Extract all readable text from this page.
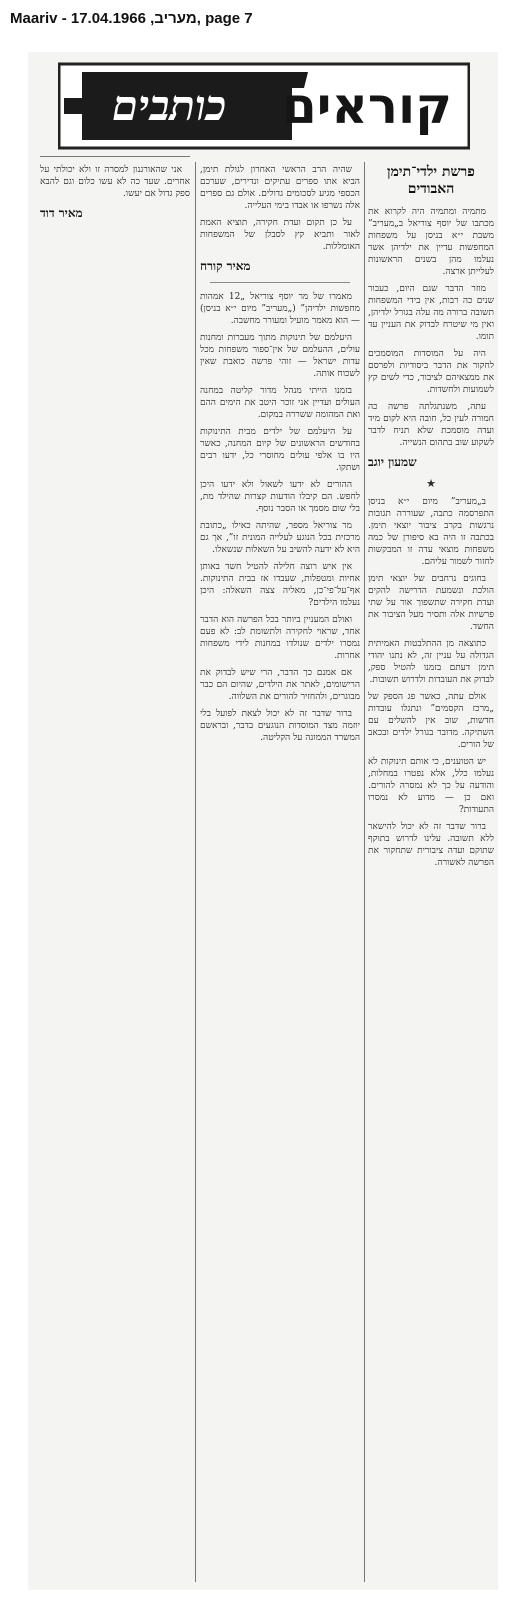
Maariv - מעריב, 17.04.1966, page 7
קוראים
כותבים
פרשת ילדי־תימן האבודים

מתמיה ומתמיה היה לקרוא את מכתבו של יוסף צוריאל ב„מעריב” משבת י״א בניסן על משפחות המחפשות עדיין את ילדיהן אשר נעלמו מהן בשנים הראשונות לעלייתן ארצה.

מוזר הדבר שגם היום, כעבור שנים כה רבות, אין בידי המשפחות תשובה ברורה מה עלה בגורל ילדיהן, ואין מי שיטרח לבדוק את העניין עד תומו.

היה על המוסדות המוסמכים לחקור את הדבר ביסודיות ולפרסם את ממצאיהם לציבור, כדי לשים קץ לשמועות ולחשדות.

עתה, משנתגלתה פרשה כה חמורה לעין כל, חובה היא לקום מיד ועדה מוסמכת שלא תניח לדבר לשקוע שוב בתהום הנשייה.

שמעון יוגב
★

ב„מעריב” מיום י״א בניסן התפרסמה כתבה, שעוררה תגובות נרגשות בקרב ציבור יוצאי תימן. בכתבה זו היה בא סיפורן של כמה משפחות מוצאי עדה זו המבקשות לחזור לשמור עליהם.

בחוגים נרחבים של יוצאי תימן הולכת ונשמעת הדרישה להקים ועדת חקירה שתשפוך אור על שתי פרשיות אלה ותסיר מעל הציבור את החשד.

כתוצאה מן ההתלבטות האמיתית הגדולה על עניין זה, לא נתנו יהודי תימן דעתם בזמנו להטיל ספק, לבדוק את העובדות ולדרוש תשובות.

אולם עתה, כאשר פג הספק של „מרכז הקסמים” ונתגלו עובדות חדשות, שוב אין להשלים עם השתיקה. מדובר בגורל ילדים ובכאב של הורים.

יש הטוענים, כי אותם תינוקות לא נעלמו כלל, אלא נפטרו במחלות, והודעה על כך לא נמסרה להורים. ואם כן — מדוע לא נמסרו התעודות?

ברור שדבר זה לא יכול להישאר ללא תשובה. עלינו לדרוש בתוקף שתוקם ועדה ציבורית שתחקור את הפרשה לאשורה.

שהיה הרב הראשי האחרון לגולת תימן, הביא אתו ספרים עתיקים ונדירים, שערכם הכספי מגיע לסכומים גדולים. אולם גם ספרים אלה נשרפו או אבדו בימי העלייה.

על כן תקום ועדת חקירה, תוציא האמת לאור ותביא קץ לסבלן של המשפחות האומללות.

מאיר קורח

מאמרו של מר יוסף צוריאל „12 אמהות מחפשות ילדיהן” („מעריב” מיום י״א בניסן) — הוא מאמר מועיל ומעורר מחשבה.

היעלמם של תינוקות מתוך מעברות ומחנות עולים, ההעלמם של אין־ספור משפחות מכל עדות ישראל — זוהי פרשה כואבת שאין לשכוח אותה.

בזמנו הייתי מנהל מדור קליטה במחנה העולים ועדיין אני זוכר היטב את הימים ההם ואת המהומה ששררה במקום.

על היעלמם של ילדים מבית התינוקות בחודשים הראשונים של קיום המחנה, כאשר היו בו אלפי עולים מחוסרי כל, ידעו רבים ושתקו.

ההורים לא ידעו לשאול ולא ידעו היכן לחפש. הם קיבלו הודעות קצרות שהילד מת, בלי שום מסמך או הסבר נוסף.

מר צוריאל מספר, שהיתה כאילו „כתובת מרכזית בכל הנוגע לעלייה המונית זו”, אך גם היא לא ידעה להשיב על השאלות שנשאלו.

אין איש רוצה חלילה להטיל חשד באותן אחיות ומטפלות, שעבדו אז בבית התינוקות. אף־על־פי־כן, מאליה צצה השאלה: היכן נעלמו הילדים?

ואולם המעניין ביותר בכל הפרשה הוא הדבר אחד, שראוי לחקירה ולתשומת לב: לא פעם נמסרו ילדים שנולדו במחנות לידי משפחות אחרות.

אם אמנם כך הדבר, הרי שיש לבדוק את הרישומים, לאתר את הילדים, שהיום הם כבר מבוגרים, ולהחזיר להורים את השלווה.

ברור שדבר זה לא יכול לצאת לפועל בלי יוזמה מצד המוסדות הנוגעים בדבר, ובראשם המשרד הממונה על הקליטה.

אני שהאורגנון למסרה זו ולא יכולתי על אחרים. שעד כה לא עשו כלום וגם להבא ספק גדול אם יעשו.

מאיר דוד
